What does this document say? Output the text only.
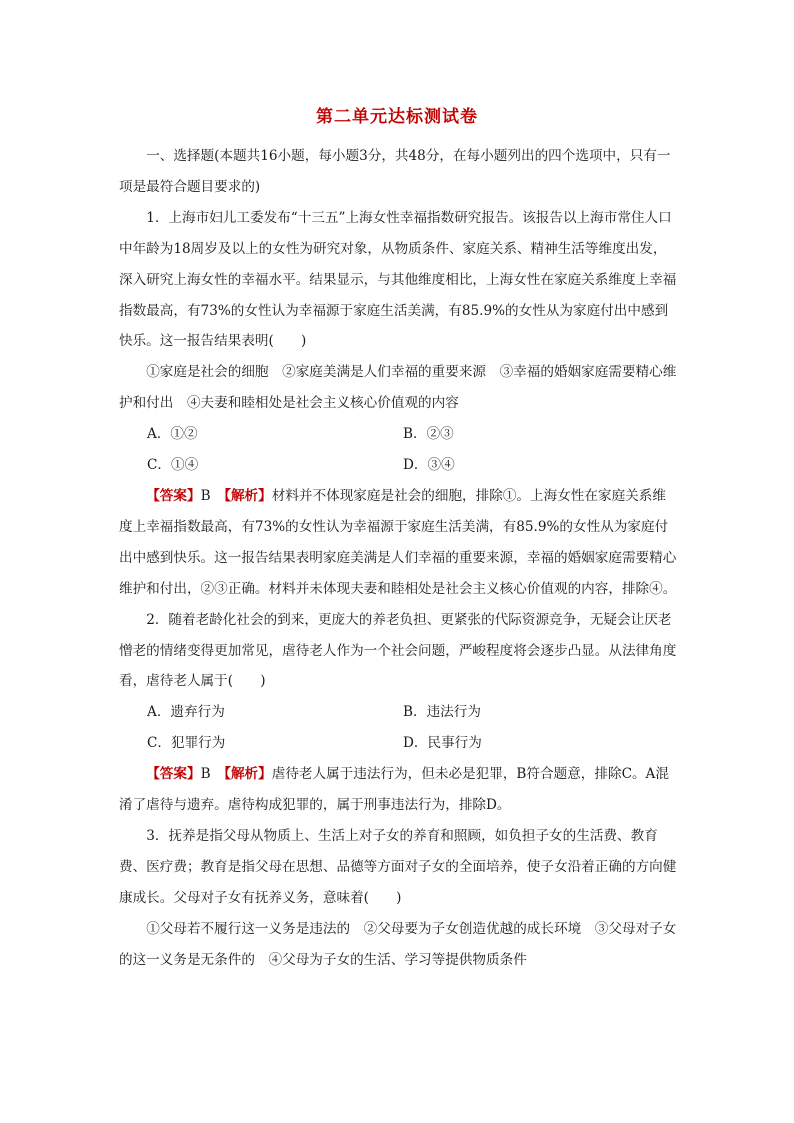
第二单元达标测试卷

一、选择题(本题共16小题，每小题3分，共48分，在每小题列出的四个选项中，只有一项是最符合题目要求的)

1．上海市妇儿工委发布“十三五”上海女性幸福指数研究报告。该报告以上海市常住人口中年龄为18周岁及以上的女性为研究对象，从物质条件、家庭关系、精神生活等维度出发，深入研究上海女性的幸福水平。结果显示，与其他维度相比，上海女性在家庭关系维度上幸福指数最高，有73%的女性认为幸福源于家庭生活美满，有85.9%的女性从为家庭付出中感到快乐。这一报告结果表明(　　)

①家庭是社会的细胞　②家庭美满是人们幸福的重要来源　③幸福的婚姻家庭需要精心维护和付出　④夫妻和睦相处是社会主义核心价值观的内容

A．①②	B．②③
C．①④	D．③④

【答案】B　【解析】材料并不体现家庭是社会的细胞，排除①。上海女性在家庭关系维度上幸福指数最高，有73%的女性认为幸福源于家庭生活美满，有85.9%的女性从为家庭付出中感到快乐。这一报告结果表明家庭美满是人们幸福的重要来源，幸福的婚姻家庭需要精心维护和付出，②③正确。材料并未体现夫妻和睦相处是社会主义核心价值观的内容，排除④。

2．随着老龄化社会的到来，更庞大的养老负担、更紧张的代际资源竞争，无疑会让厌老憎老的情绪变得更加常见，虐待老人作为一个社会问题，严峻程度将会逐步凸显。从法律角度看，虐待老人属于(　　)

A．遗弃行为	B．违法行为
C．犯罪行为	D．民事行为

【答案】B　【解析】虐待老人属于违法行为，但未必是犯罪，B符合题意，排除C。A混淆了虐待与遗弃。虐待构成犯罪的，属于刑事违法行为，排除D。

3．抚养是指父母从物质上、生活上对子女的养育和照顾，如负担子女的生活费、教育费、医疗费；教育是指父母在思想、品德等方面对子女的全面培养，使子女沿着正确的方向健康成长。父母对子女有抚养义务，意味着(　　)

①父母若不履行这一义务是违法的　②父母要为子女创造优越的成长环境　③父母对子女的这一义务是无条件的　④父母为子女的生活、学习等提供物质条件
